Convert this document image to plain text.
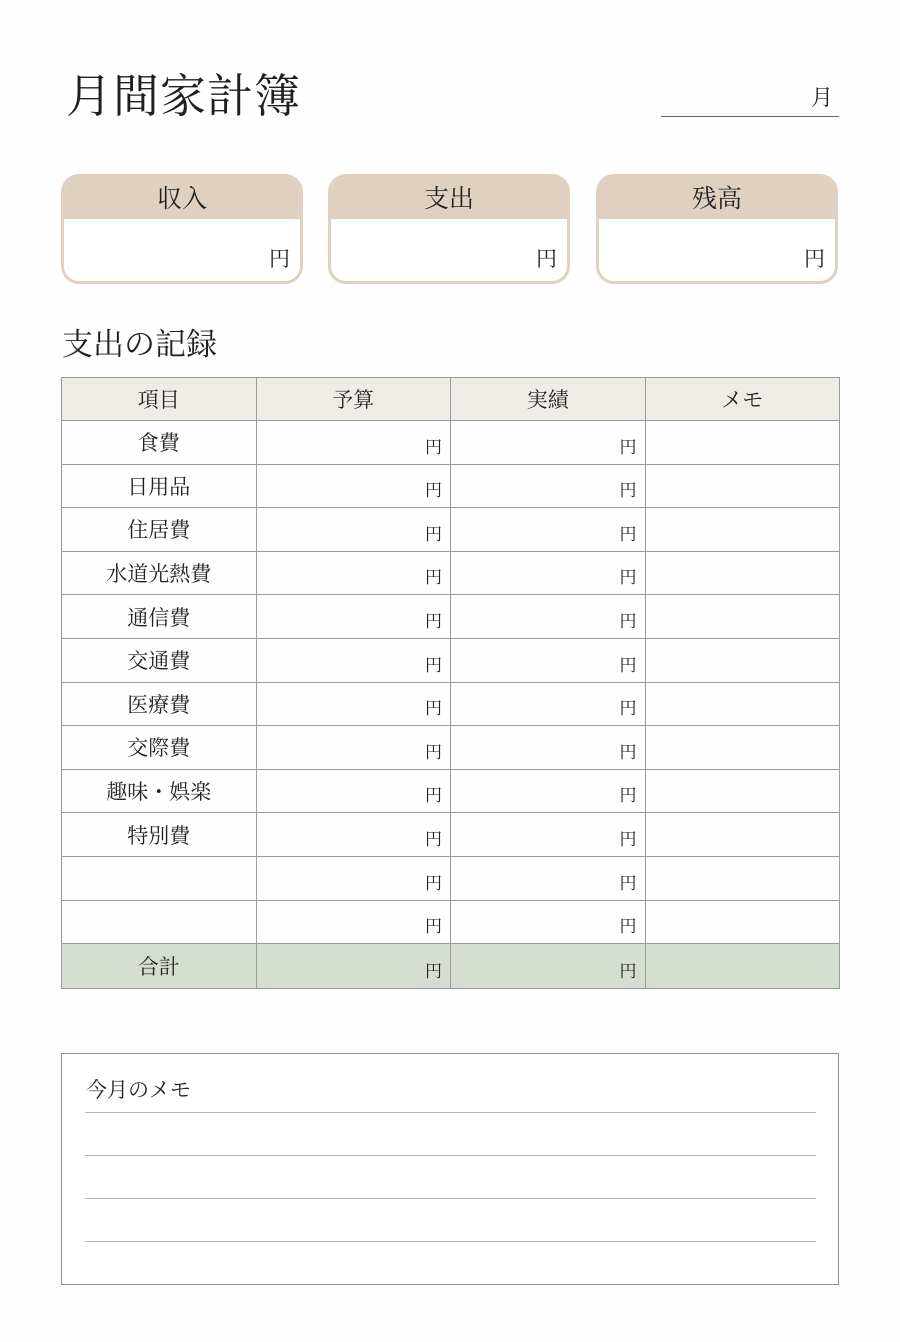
月間家計簿	月
収入
円
支出
円
残高
円
支出の記録
項目	予算	実績	メモ
食費	円	円	
日用品	円	円	
住居費	円	円	
水道光熱費	円	円	
通信費	円	円	
交通費	円	円	
医療費	円	円	
交際費	円	円	
趣味・娯楽	円	円	
特別費	円	円	
	円	円	
	円	円	
合計	円	円	
今月のメモ
